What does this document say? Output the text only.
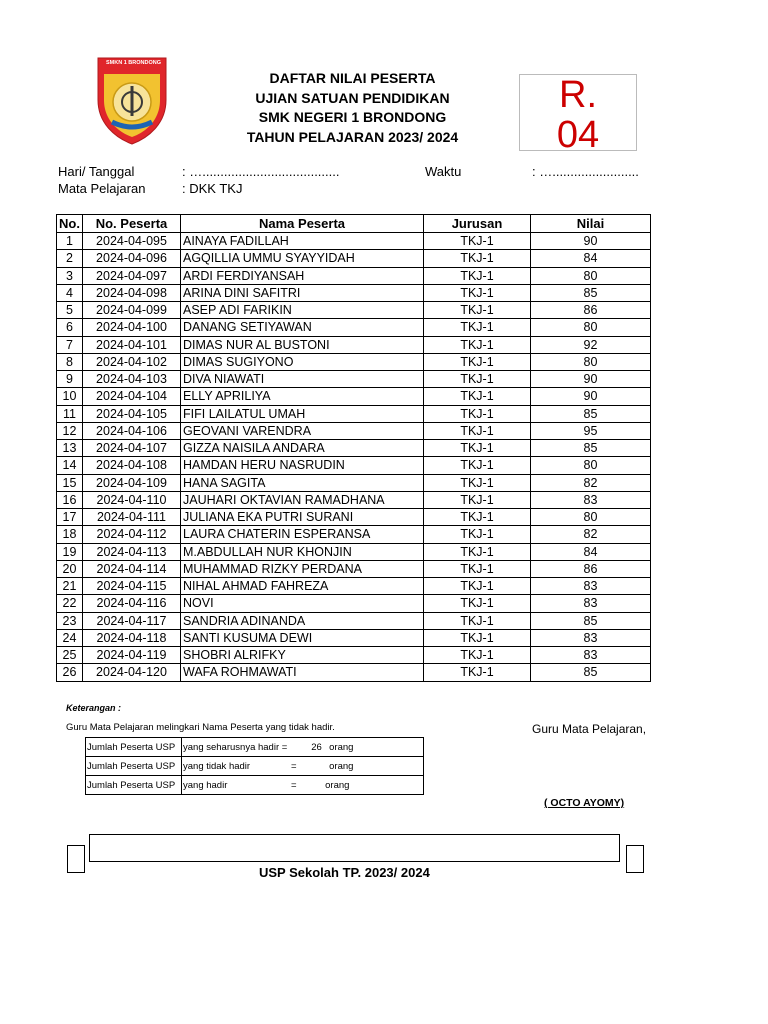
SMKN 1 BRONDONG
DAFTAR NILAI PESERTA
UJIAN SATUAN PENDIDIKAN
SMK NEGERI 1 BRONDONG
TAHUN PELAJARAN 2023/ 2024
R.
04
Hari/ Tanggal	: …......................................	Waktu	: …........................
Mata Pelajaran	: DKK TKJ
No.	No. Peserta	Nama Peserta	Jurusan	Nilai
1	2024-04-095	AINAYA FADILLAH	TKJ-1	90
2	2024-04-096	AGQILLIA UMMU SYAYYIDAH	TKJ-1	84
3	2024-04-097	ARDI FERDIYANSAH	TKJ-1	80
4	2024-04-098	ARINA DINI SAFITRI	TKJ-1	85
5	2024-04-099	ASEP ADI FARIKIN	TKJ-1	86
6	2024-04-100	DANANG SETIYAWAN	TKJ-1	80
7	2024-04-101	DIMAS NUR AL BUSTONI	TKJ-1	92
8	2024-04-102	DIMAS SUGIYONO	TKJ-1	80
9	2024-04-103	DIVA NIAWATI	TKJ-1	90
10	2024-04-104	ELLY APRILIYA	TKJ-1	90
11	2024-04-105	FIFI LAILATUL UMAH	TKJ-1	85
12	2024-04-106	GEOVANI VARENDRA	TKJ-1	95
13	2024-04-107	GIZZA NAISILA ANDARA	TKJ-1	85
14	2024-04-108	HAMDAN HERU NASRUDIN	TKJ-1	80
15	2024-04-109	HANA SAGITA	TKJ-1	82
16	2024-04-110	JAUHARI OKTAVIAN RAMADHANA	TKJ-1	83
17	2024-04-111	JULIANA EKA PUTRI SURANI	TKJ-1	80
18	2024-04-112	LAURA CHATERIN ESPERANSA	TKJ-1	82
19	2024-04-113	M.ABDULLAH NUR KHONJIN	TKJ-1	84
20	2024-04-114	MUHAMMAD RIZKY PERDANA	TKJ-1	86
21	2024-04-115	NIHAL AHMAD FAHREZA	TKJ-1	83
22	2024-04-116	NOVI	TKJ-1	83
23	2024-04-117	SANDRIA ADINANDA	TKJ-1	85
24	2024-04-118	SANTI KUSUMA DEWI	TKJ-1	83
25	2024-04-119	SHOBRI ALRIFKY	TKJ-1	83
26	2024-04-120	WAFA ROHMAWATI	TKJ-1	85
Keterangan :
Guru Mata Pelajaran melingkari Nama Peserta yang tidak hadir.
Jumlah Peserta USP	yang seharusnya hadir =	26 orang
Jumlah Peserta USP	yang tidak hadir =	orang
Jumlah Peserta USP	yang hadir =	orang
Guru Mata Pelajaran,
( OCTO AYOMY)
USP Sekolah TP. 2023/ 2024
